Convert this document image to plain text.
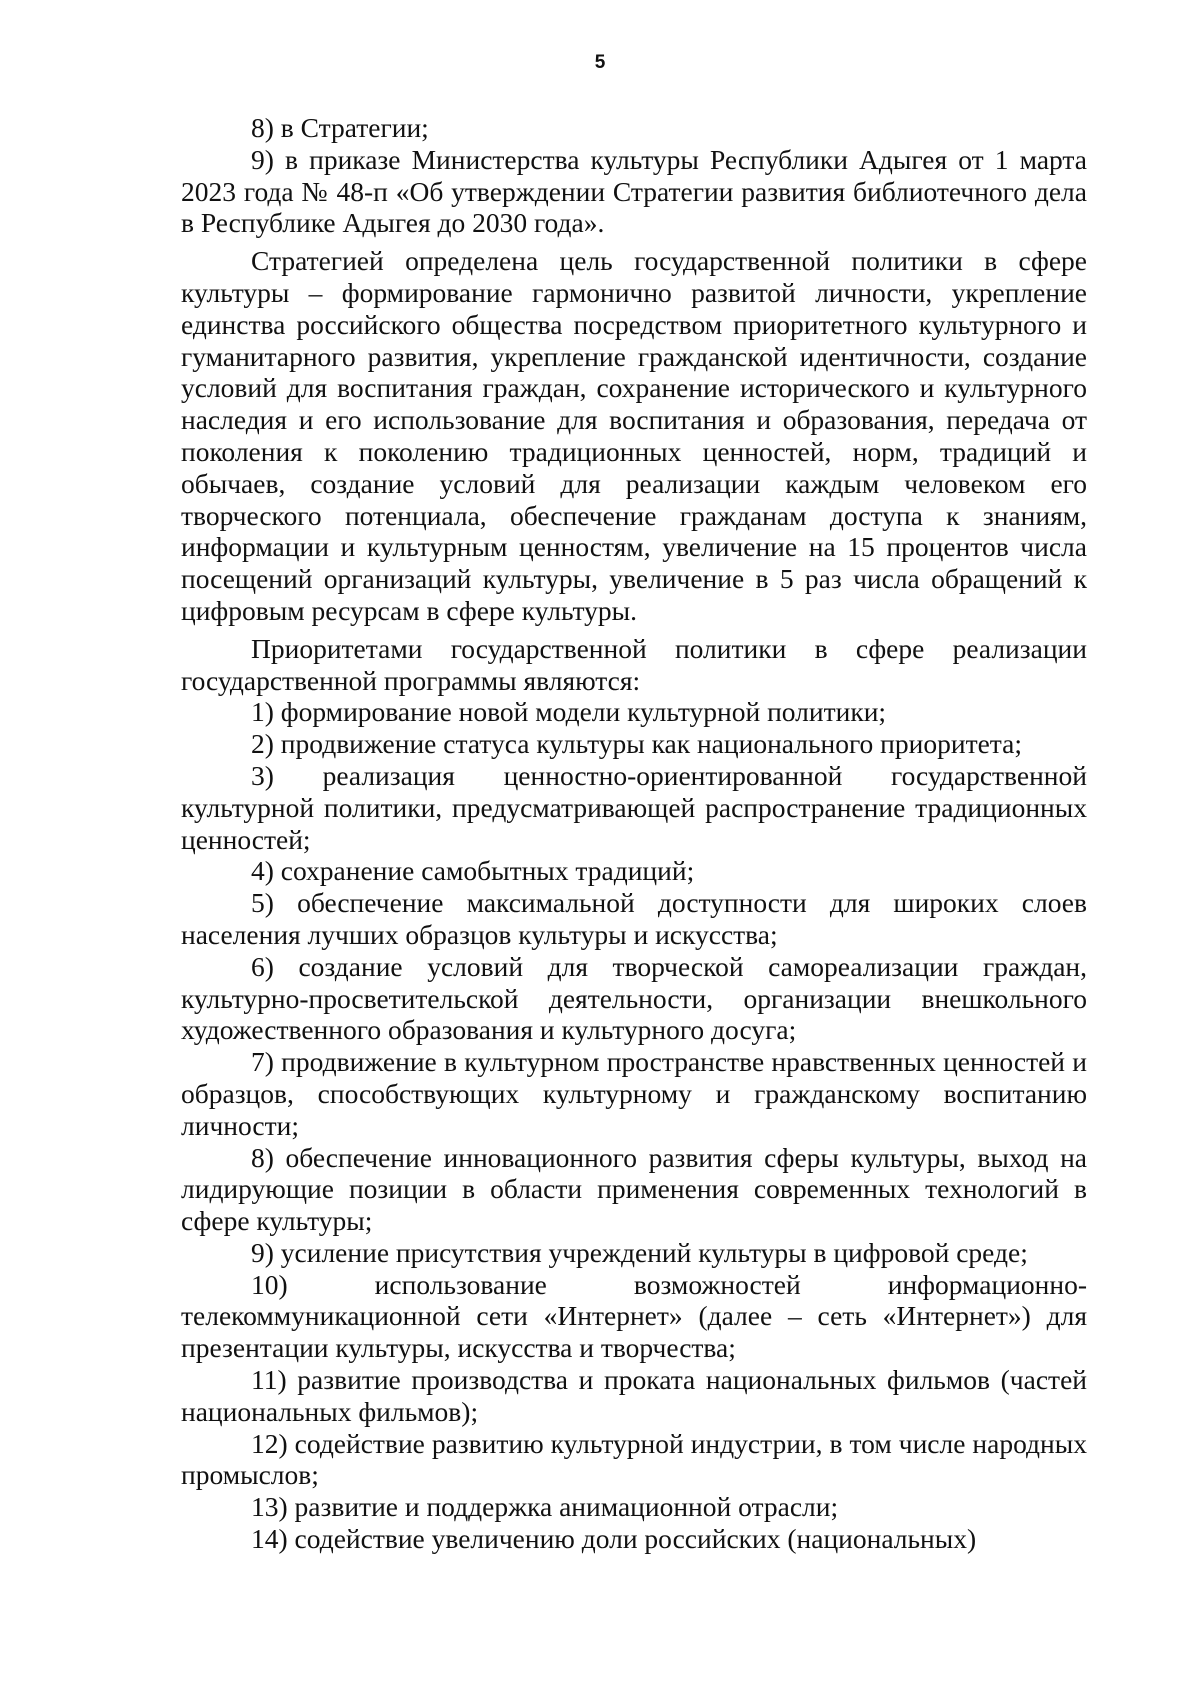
5

8) в Стратегии;

9) в приказе Министерства культуры Республики Адыгея от 1 марта 2023 года № 48-п «Об утверждении Стратегии развития библиотечного дела в Республике Адыгея до 2030 года».

Стратегией определена цель государственной политики в сфере культуры – формирование гармонично развитой личности, укрепление единства российского общества посредством приоритетного культурного и гуманитарного развития, укрепление гражданской идентичности, создание условий для воспитания граждан, сохранение исторического и культурного наследия и его использование для воспитания и образования, передача от поколения к поколению традиционных ценностей, норм, традиций и обычаев, создание условий для реализации каждым человеком его творческого потенциала, обеспечение гражданам доступа к знаниям, информации и культурным ценностям, увеличение на 15 процентов числа посещений организаций культуры, увеличение в 5 раз числа обращений к цифровым ресурсам в сфере культуры.

Приоритетами государственной политики в сфере реализации государственной программы являются:

1) формирование новой модели культурной политики;

2) продвижение статуса культуры как национального приоритета;

3) реализация ценностно-ориентированной государственной культурной политики, предусматривающей распространение традиционных ценностей;

4) сохранение самобытных традиций;

5) обеспечение максимальной доступности для широких слоев населения лучших образцов культуры и искусства;

6) создание условий для творческой самореализации граждан, культурно-просветительской деятельности, организации внешкольного художественного образования и культурного досуга;

7) продвижение в культурном пространстве нравственных ценностей и образцов, способствующих культурному и гражданскому воспитанию личности;

8) обеспечение инновационного развития сферы культуры, выход на лидирующие позиции в области применения современных технологий в сфере культуры;

9) усиление присутствия учреждений культуры в цифровой среде;

10) использование возможностей информационно-телекоммуникационной сети «Интернет» (далее – сеть «Интернет») для презентации культуры, искусства и творчества;

11) развитие производства и проката национальных фильмов (частей национальных фильмов);

12) содействие развитию культурной индустрии, в том числе народных промыслов;

13) развитие и поддержка анимационной отрасли;

14) содействие увеличению доли российских (национальных)
